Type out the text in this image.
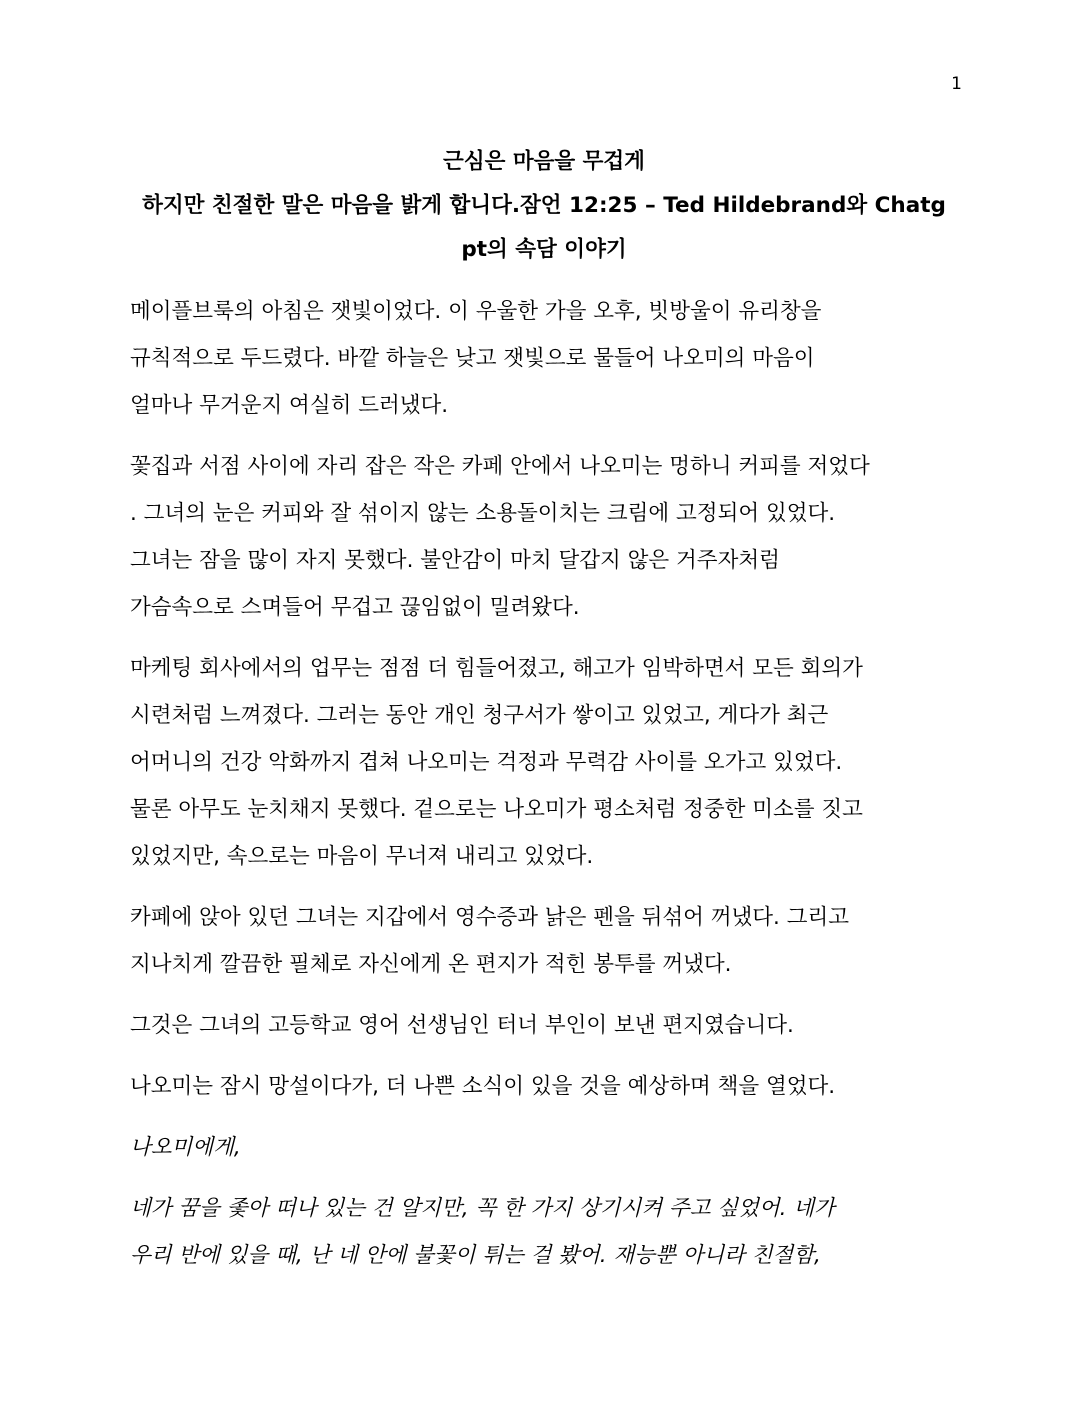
1
근심은 마음을 무겁게
하지만 친절한 말은 마음을 밝게 합니다.잠언 12:25 – Ted Hildebrand와 Chatg
pt의 속담 이야기

메이플브룩의 아침은 잿빛이었다. 이 우울한 가을 오후, 빗방울이 유리창을
규칙적으로 두드렸다. 바깥 하늘은 낮고 잿빛으로 물들어 나오미의 마음이
얼마나 무거운지 여실히 드러냈다.

꽃집과 서점 사이에 자리 잡은 작은 카페 안에서 나오미는 멍하니 커피를 저었다
. 그녀의 눈은 커피와 잘 섞이지 않는 소용돌이치는 크림에 고정되어 있었다.
그녀는 잠을 많이 자지 못했다. 불안감이 마치 달갑지 않은 거주자처럼
가슴속으로 스며들어 무겁고 끊임없이 밀려왔다.

마케팅 회사에서의 업무는 점점 더 힘들어졌고, 해고가 임박하면서 모든 회의가
시련처럼 느껴졌다. 그러는 동안 개인 청구서가 쌓이고 있었고, 게다가 최근
어머니의 건강 악화까지 겹쳐 나오미는 걱정과 무력감 사이를 오가고 있었다.
물론 아무도 눈치채지 못했다. 겉으로는 나오미가 평소처럼 정중한 미소를 짓고
있었지만, 속으로는 마음이 무너져 내리고 있었다.

카페에 앉아 있던 그녀는 지갑에서 영수증과 낡은 펜을 뒤섞어 꺼냈다. 그리고
지나치게 깔끔한 필체로 자신에게 온 편지가 적힌 봉투를 꺼냈다.

그것은 그녀의 고등학교 영어 선생님인 터너 부인이 보낸 편지였습니다.

나오미는 잠시 망설이다가, 더 나쁜 소식이 있을 것을 예상하며 책을 열었다.

나오미에게,

네가 꿈을 좇아 떠나 있는 건 알지만, 꼭 한 가지 상기시켜 주고 싶었어. 네가
우리 반에 있을 때, 난 네 안에 불꽃이 튀는 걸 봤어. 재능뿐 아니라 친절함,
